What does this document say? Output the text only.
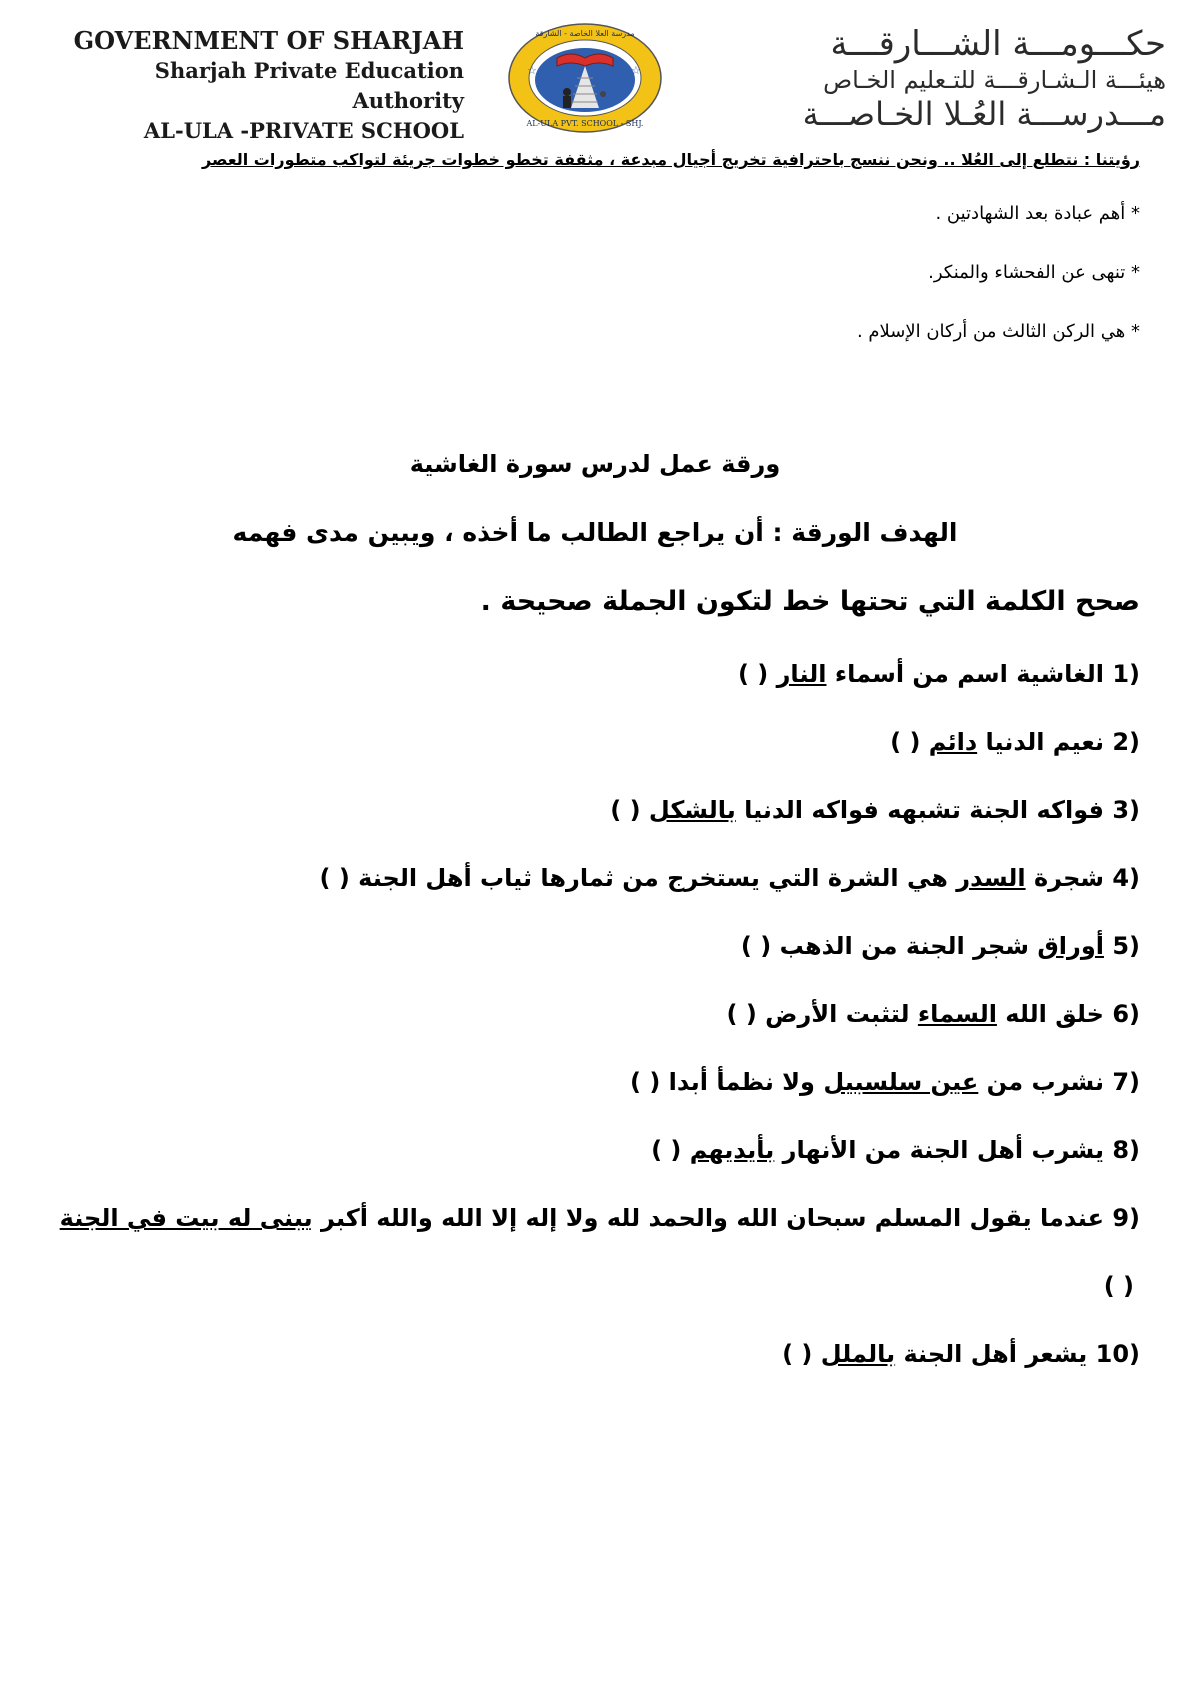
GOVERNMENT OF SHARJAH
Sharjah Private Education Authority
AL-ULA -PRIVATE SCHOOL
☆	☆
AL-ULA PVT. SCHOOL - SHJ.
مدرسة العلا الخاصة - الشارقة	حكـــومـــة الشـــارقـــة
هيئـــة الـشـارقـــة للتـعليم الخـاص
مـــدرســـة العُـلا الخـاصـــة
رؤيتنا : نتطلع إلى العُلا .. ونحن ننسج باحترافية تخريج أجيال مبدعة ، مثقفة تخطو خطوات جريئة لتواكب متطورات العصر
* أهم عبادة بعد الشهادتين .
* تنهى عن الفحشاء والمنكر.
* هي الركن الثالث من أركان الإسلام .
ورقة عمل لدرس سورة الغاشية
الهدف الورقة : أن يراجع الطالب ما أخذه ، ويبين مدى فهمه
صحح الكلمة التي تحتها خط لتكون الجملة صحيحة .
1) الغاشية اسم من أسماء النار ( )
2) نعيم الدنيا دائم ( )
3) فواكه الجنة تشبهه فواكه الدنيا بالشكل ( )
4) شجرة السدر هي الشرة التي يستخرج من ثمارها ثياب أهل الجنة ( )
5) أوراق شجر الجنة من الذهب ( )
6) خلق الله السماء لتثبت الأرض ( )
7) نشرب من عين سلسبيل ولا نظمأ أبدا ( )
8) يشرب أهل الجنة من الأنهار بأيديهم ( )
9) عندما يقول المسلم سبحان الله والحمد لله ولا إله إلا الله والله أكبر يبنى له بيت في الجنة
( )
10) يشعر أهل الجنة بالملل ( )
